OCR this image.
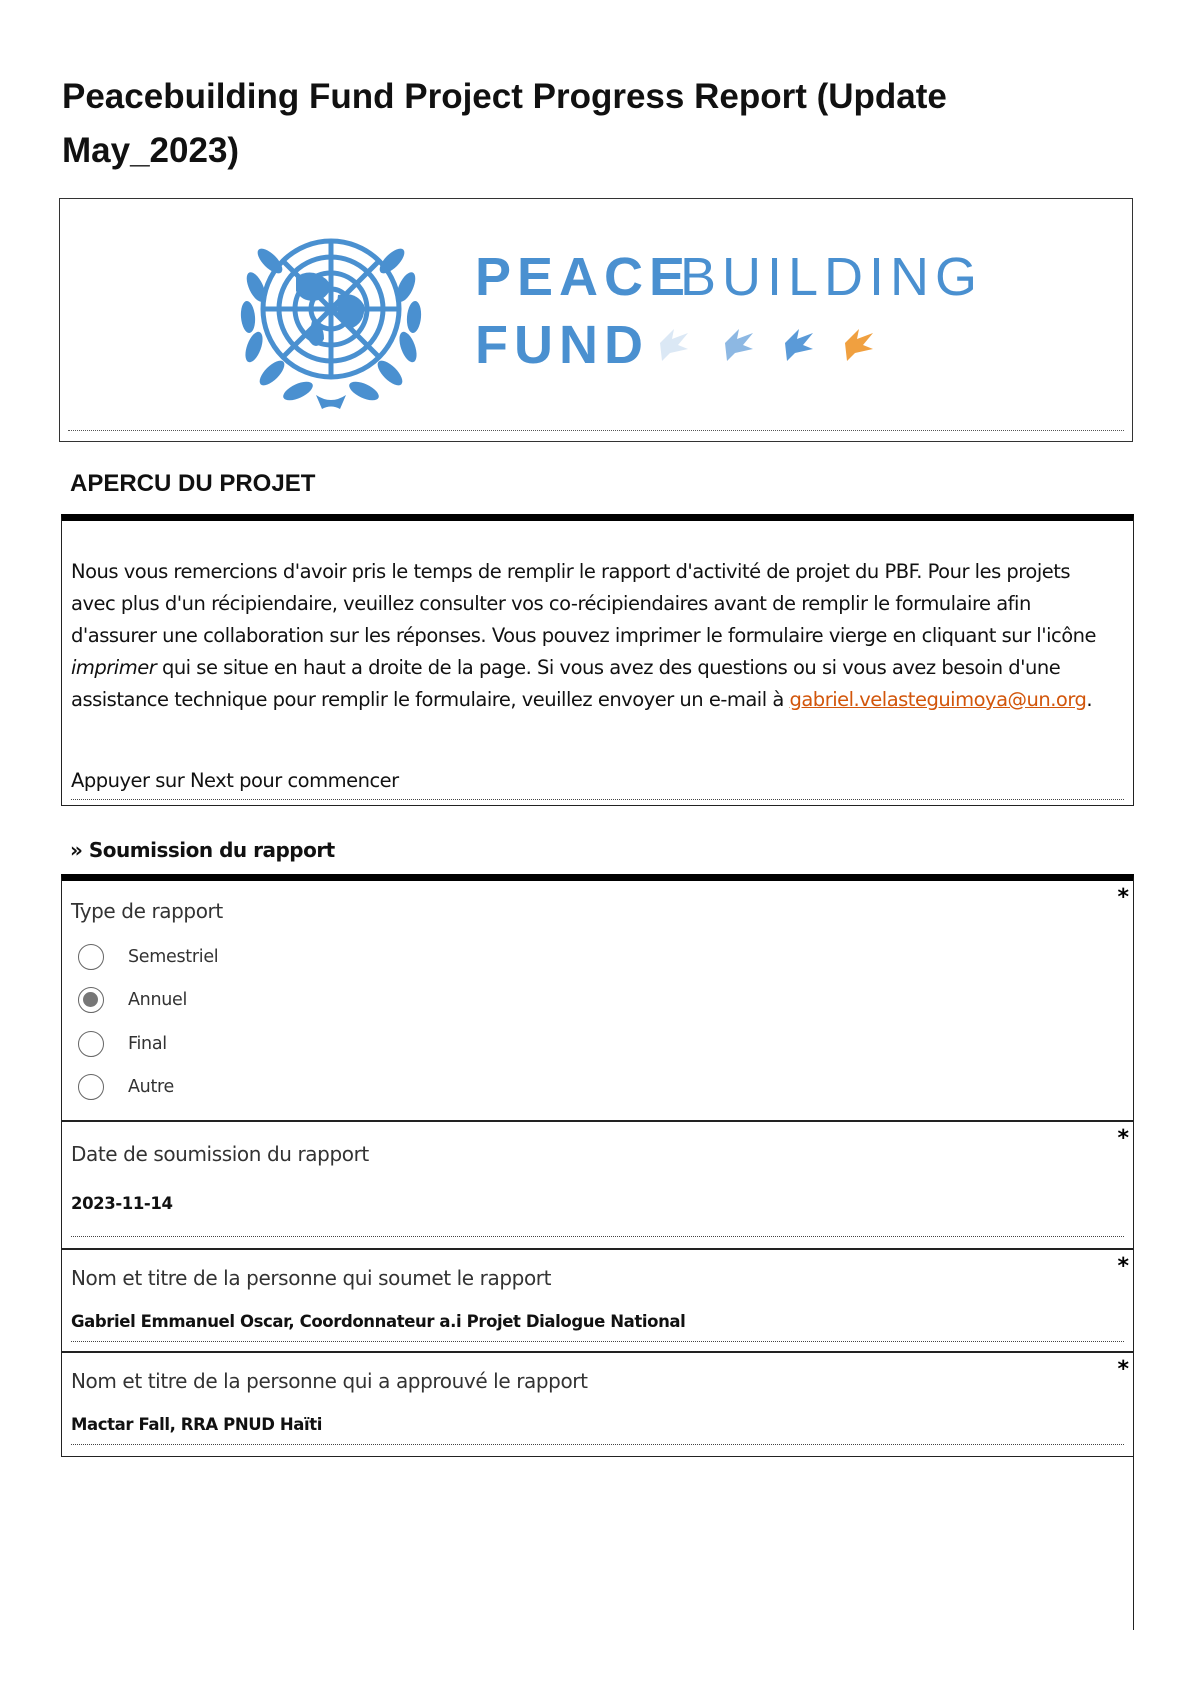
Peacebuilding Fund Project Progress Report (Update May_2023)
PEACE
BUILDING
FUND
APERCU DU PROJET

Nous vous remercions d'avoir pris le temps de remplir le rapport d'activité de projet du PBF. Pour les projets avec plus d'un récipiendaire, veuillez consulter vos co-récipiendaires avant de remplir le formulaire afin d'assurer une collaboration sur les réponses. Vous pouvez imprimer le formulaire vierge en cliquant sur l'icône imprimer qui se situe en haut a droite de la page. Si vous avez des questions ou si vous avez besoin d'une assistance technique pour remplir le formulaire, veuillez envoyer un e-mail à gabriel.velasteguimoya@un.org.

Appuyer sur Next pour commencer
» Soumission du rapport
*
Type de rapport
Semestriel
Annuel
Final
Autre
*
Date de soumission du rapport
2023-11-14
*
Nom et titre de la personne qui soumet le rapport
Gabriel Emmanuel Oscar, Coordonnateur a.i Projet Dialogue National
*
Nom et titre de la personne qui a approuvé le rapport
Mactar Fall, RRA PNUD Haïti
